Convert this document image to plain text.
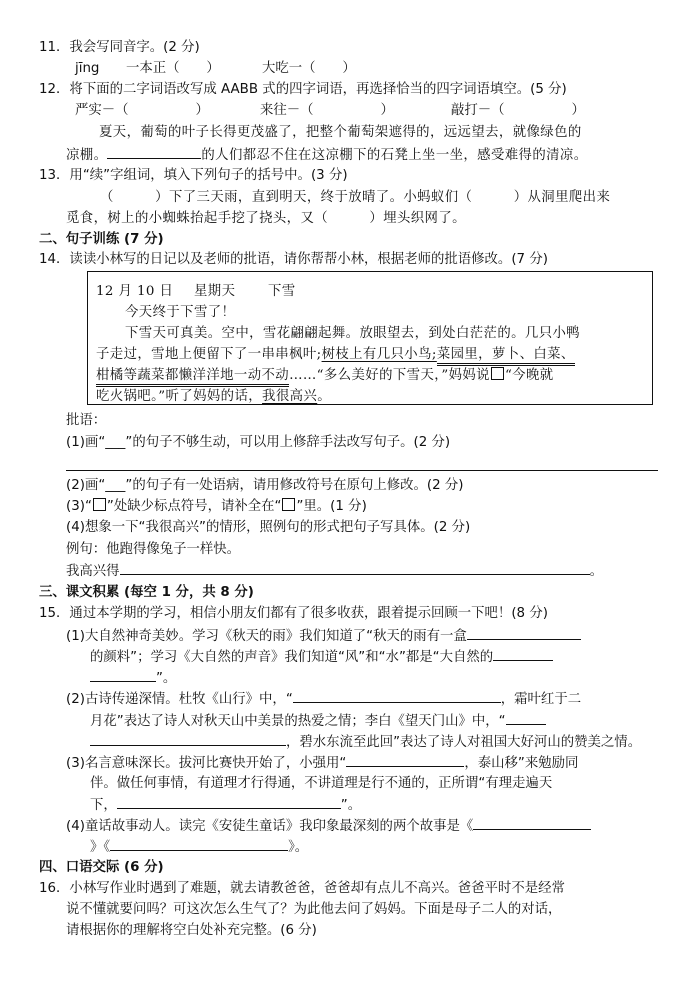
11．我会写同音字。(2 分)
jīng 一本正（　　）	大吃一（　　）
12．将下面的二字词语改写成 AABB 式的四字词语，再选择恰当的四字词语填空。(5 分)
严实－（　　　　　）	来往－（　　　　　）	敲打－（　　　　　）
夏天，葡萄的叶子长得更茂盛了，把整个葡萄架遮得的，远远望去，就像绿色的
凉棚。	的人们都忍不住在这凉棚下的石凳上坐一坐，感受难得的清凉。
13．用“续”字组词，填入下列句子的括号中。(3 分)
（　　　）下了三天雨，直到明天，终于放晴了。小蚂蚁们（　　　）从洞里爬出来
觅食，树上的小蜘蛛抬起手挖了挠头，又（　　　）埋头织网了。
二、句子训练 (7 分)
14．读读小林写的日记以及老师的批语，请你帮帮小林，根据老师的批语修改。(7 分)
12 月 10 日 星期天 下雪
今天终于下雪了！
下雪天可真美。空中，雪花翩翩起舞。放眼望去，到处白茫茫的。几只小鸭
子走过，雪地上便留下了一串串枫叶;树枝上有几只小鸟;菜园里，萝卜、白菜、
柑橘等蔬菜都懒洋洋地一动不动……“多么美好的下雪天，”妈妈说 “今晚就
吃火锅吧。”听了妈妈的话，我很高兴。
批语：
(1)画“___”的句子不够生动，可以用上修辞手法改写句子。(2 分)
(2)画“___”的句子有一处语病，请用修改符号在原句上修改。(2 分)
(3)“ ”处缺少标点符号，请补全在“ ”里。(1 分)
(4)想象一下“我很高兴”的情形，照例句的形式把句子写具体。(2 分)
例句：他跑得像兔子一样快。
我高兴得	。
三、课文积累 (每空 1 分，共 8 分)
15．通过本学期的学习，相信小朋友们都有了很多收获，跟着提示回顾一下吧！(8 分)
(1)大自然神奇美妙。学习《秋天的雨》我们知道了“秋天的雨有一盒
的颜料”；学习《大自然的声音》我们知道“风”和“水”都是“大自然的
”。
(2)古诗传递深情。杜牧《山行》中，“	，霜叶红于二
月花”表达了诗人对秋天山中美景的热爱之情；李白《望天门山》中，“
，碧水东流至此回”表达了诗人对祖国大好河山的赞美之情。
(3)名言意味深长。拔河比赛快开始了，小强用“	，泰山移”来勉励同
伴。做任何事情，有道理才行得通，不讲道理是行不通的，正所谓“有理走遍天
下，	”。
(4)童话故事动人。读完《安徒生童话》我印象最深刻的两个故事是《
》《	》。
四、口语交际 (6 分)
16．小林写作业时遇到了难题，就去请教爸爸，爸爸却有点儿不高兴。爸爸平时不是经常
说不懂就要问吗？可这次怎么生气了？为此他去问了妈妈。下面是母子二人的对话，
请根据你的理解将空白处补充完整。(6 分)
